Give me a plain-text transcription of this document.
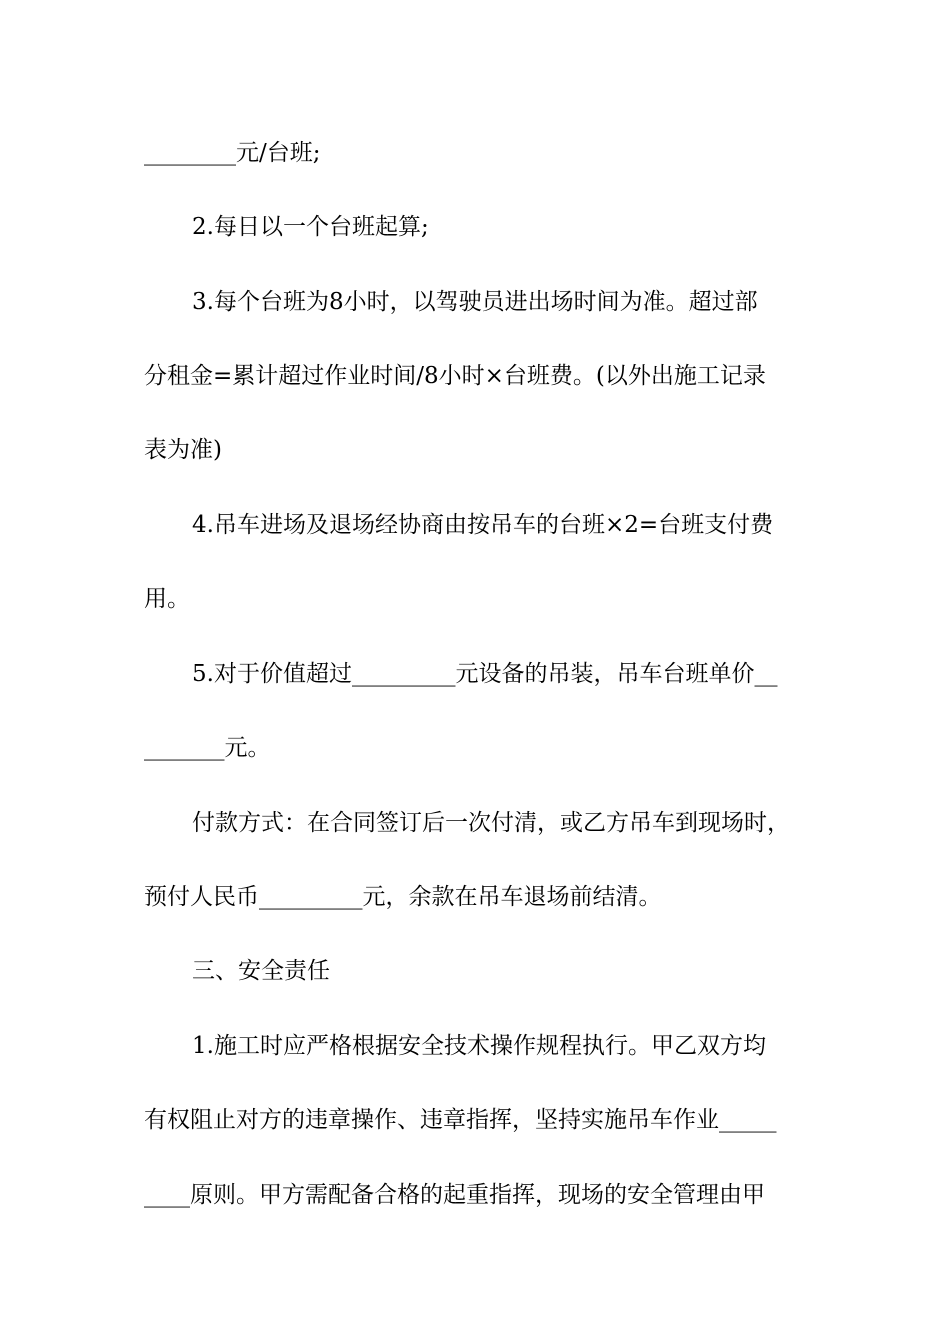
________元/台班;
2.每日以一个台班起算;
3.每个台班为8小时，以驾驶员进出场时间为准。超过部
分租金=累计超过作业时间/8小时×台班费。(以外出施工记录
表为准)
4.吊车进场及退场经协商由按吊车的台班×2=台班支付费
用。
5.对于价值超过_________元设备的吊装，吊车台班单价__
_______元。
付款方式：在合同签订后一次付清，或乙方吊车到现场时，
预付人民币_________元，余款在吊车退场前结清。
三、安全责任
1.施工时应严格根据安全技术操作规程执行。甲乙双方均
有权阻止对方的违章操作、违章指挥，坚持实施吊车作业_____
____原则。甲方需配备合格的起重指挥，现场的安全管理由甲
